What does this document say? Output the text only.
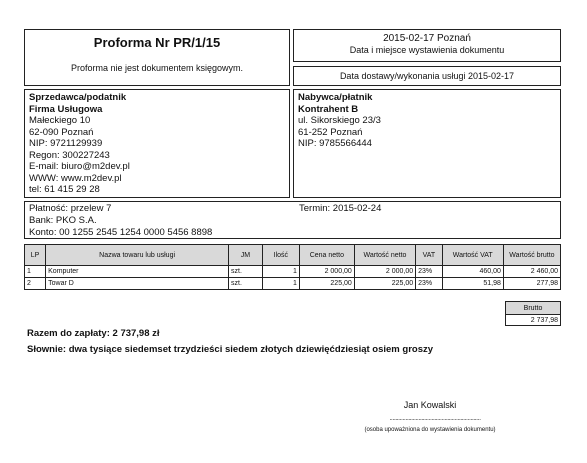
Proforma Nr PR/1/15
Proforma nie jest dokumentem księgowym.
2015-02-17 Poznań
Data i miejsce wystawienia dokumentu
Data dostawy/wykonania usługi 2015-02-17
Sprzedawca/podatnik
Firma Usługowa
Małeckiego 10
62-090 Poznań
NIP: 9721129939
Regon: 300227243
E-mail: biuro@m2dev.pl
WWW: www.m2dev.pl
tel: 61 415 29 28
Nabywca/płatnik
Kontrahent B
ul. Sikorskiego 23/3
61-252 Poznań
NIP: 9785566444
Płatność: przelew 7	Termin: 2015-02-24
Bank: PKO S.A.
Konto: 00 1255 2545 1254 0000 5456 8898
LP	Nazwa towaru lub usługi	JM	Ilość	Cena netto	Wartość netto	VAT	Wartość VAT	Wartość brutto
1	Komputer	szt.	1	2 000,00	2 000,00	23%	460,00	2 460,00
2	Towar D	szt.	1	225,00	225,00	23%	51,98	277,98
Brutto
2 737,98
Razem do zapłaty: 2 737,98 zł
Słownie: dwa tysiące siedemset trzydzieści siedem złotych dziewięćdziesiąt osiem groszy
Jan Kowalski
...............................................................
(osoba upoważniona do wystawienia dokumentu)
